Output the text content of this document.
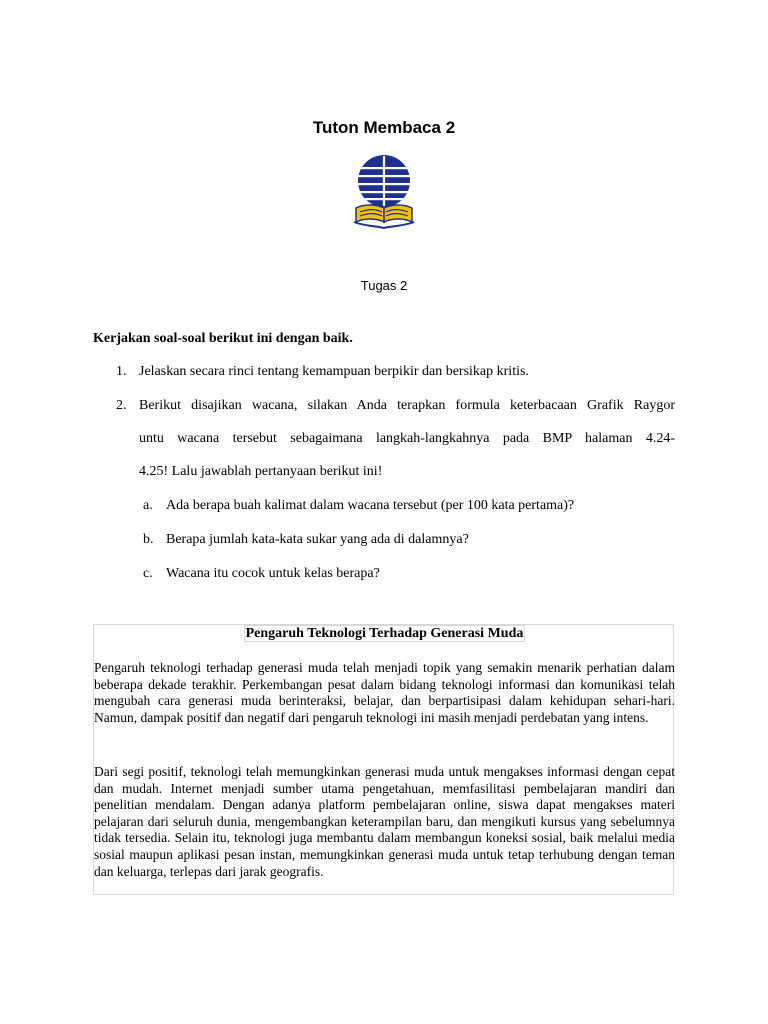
Tuton Membaca 2
Tugas 2
Kerjakan soal-soal berikut ini dengan baik.
1. Jelaskan secara rinci tentang kemampuan berpikir dan bersikap kritis.
2. Berikut disajikan wacana, silakan Anda terapkan formula keterbacaan Grafik Raygor
untu wacana tersebut sebagaimana langkah-langkahnya pada BMP halaman 4.24-
4.25! Lalu jawablah pertanyaan berikut ini!
a. Ada berapa buah kalimat dalam wacana tersebut (per 100 kata pertama)?
b. Berapa jumlah kata-kata sukar yang ada di dalamnya?
c. Wacana itu cocok untuk kelas berapa?
Pengaruh Teknologi Terhadap Generasi Muda

Pengaruh teknologi terhadap generasi muda telah menjadi topik yang semakin menarik perhatian dalam beberapa dekade terakhir. Perkembangan pesat dalam bidang teknologi informasi dan komunikasi telah mengubah cara generasi muda berinteraksi, belajar, dan berpartisipasi dalam kehidupan sehari-hari. Namun, dampak positif dan negatif dari pengaruh teknologi ini masih menjadi perdebatan yang intens.

Dari segi positif, teknologi telah memungkinkan generasi muda untuk mengakses informasi dengan cepat dan mudah. Internet menjadi sumber utama pengetahuan, memfasilitasi pembelajaran mandiri dan penelitian mendalam. Dengan adanya platform pembelajaran online, siswa dapat mengakses materi pelajaran dari seluruh dunia, mengembangkan keterampilan baru, dan mengikuti kursus yang sebelumnya tidak tersedia. Selain itu, teknologi juga membantu dalam membangun koneksi sosial, baik melalui media sosial maupun aplikasi pesan instan, memungkinkan generasi muda untuk tetap terhubung dengan teman dan keluarga, terlepas dari jarak geografis.
